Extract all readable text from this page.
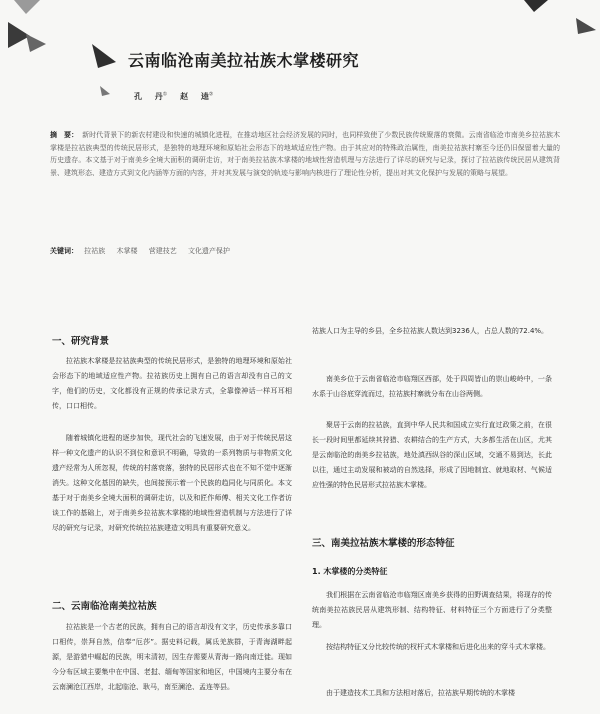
云南临沧南美拉祜族木掌楼研究
孔 丹① 赵 逵②
摘　要： 新时代背景下的新农村建设和快速的城镇化进程，在推动地区社会经济发展的同时，也同样致使了少数民族传统聚落的衰微。云南省临沧市南美乡拉祜族木掌楼是拉祜族典型的传统民居形式，是独特的地理环境和原始社会形态下的地域适应性产物。由于其应对的特殊政治属性，南美拉祜族村寨至今还仍旧保留着大量的历史遗存。本文基于对于南美乡全境大面积的调研走访，对于南美拉祜族木掌楼的地域性营造机理与方法进行了详尽的研究与记录，探讨了拉祜族传统民居从建筑背景、建筑形态、建造方式到文化内涵等方面的内容，并对其发展与演变的轨迹与影响内核进行了理论性分析，提出对其文化保护与发展的策略与展望。
关键词： 拉祜族 木掌楼 营建技艺 文化遗产保护
一、研究背景
拉祜族木掌楼是拉祜族典型的传统民居形式，是独特的地理环境和原始社会形态下的地域适应性产物。拉祜族历史上拥有自己的语言却没有自己的文字，他们的历史，文化都没有正规的传承记录方式，全靠像神话一样耳耳相传，口口相传。
随着城镇化进程的逐步加快，现代社会的飞速发展，由于对于传统民居这样一种文化遗产的认识不到位和意识不明确，导致的一系列物质与非物质文化遗产经常为人所忽视，传统的村落衰落，独特的民居形式也在不知不觉中逐渐消失。这种文化基因的缺失，也间接预示着一个民族的趋同化与同质化。本文基于对于南美乡全境大面积的调研走访，以及和匠作师傅、相关文化工作者访谈工作的基础上，对于南美乡拉祜族木掌楼的地域性营造机制与方法进行了详尽的研究与记录，对研究传统拉祜族建造文明具有重要研究意义。
二、云南临沧南美拉祜族
拉祜族是一个古老的民族，拥有自己的语言却没有文字，历史传承多靠口口相传，崇拜自然，信奉“厄莎”。据史料记载，属氐羌族群，于青海湖畔起源，是游猎中崛起的民族，明末清初，因生存需要从青海一路向南迁徙。现如今分布区域主要集中在中国、老挝、缅甸等国家和地区，中国境内主要分布在云南澜沧江西岸，北起临沧、耿马，南至澜沧、孟连等县。
祜族人口为主导的乡县，全乡拉祜族人数达到3236人，占总人数的72.4%。
南美乡位于云南省临沧市临翔区西部，处于四周皆山的崇山峻岭中，一条水系于山谷底穿流而过，拉祜族村寨就分布在山谷两侧。
聚居于云南的拉祜族，直到中华人民共和国成立实行直过政策之前，在很长一段时间里都延续其狩猎、农耕结合的生产方式，大多都生活在山区，尤其是云南临沧的南美乡拉祜族，地处滇西纵谷的深山区域，交通不易到达，长此以往，通过主动发展和被动的自然选择，形成了因地制宜、就地取材、气候适应性强的特色民居形式拉祜族木掌楼。
三、南美拉祜族木掌楼的形态特征
1. 木掌楼的分类特征
我们根据在云南省临沧市临翔区南美乡获得的田野调查结果，将现存的传统南美拉祜族民居从建筑形制、结构特征、材料特征三个方面进行了分类整理。
按结构特征又分比较传统的杈杆式木掌楼和后进化出来的穿斗式木掌楼。
由于建造技术工具和方法相对落后，拉祜族早期传统的木掌楼
